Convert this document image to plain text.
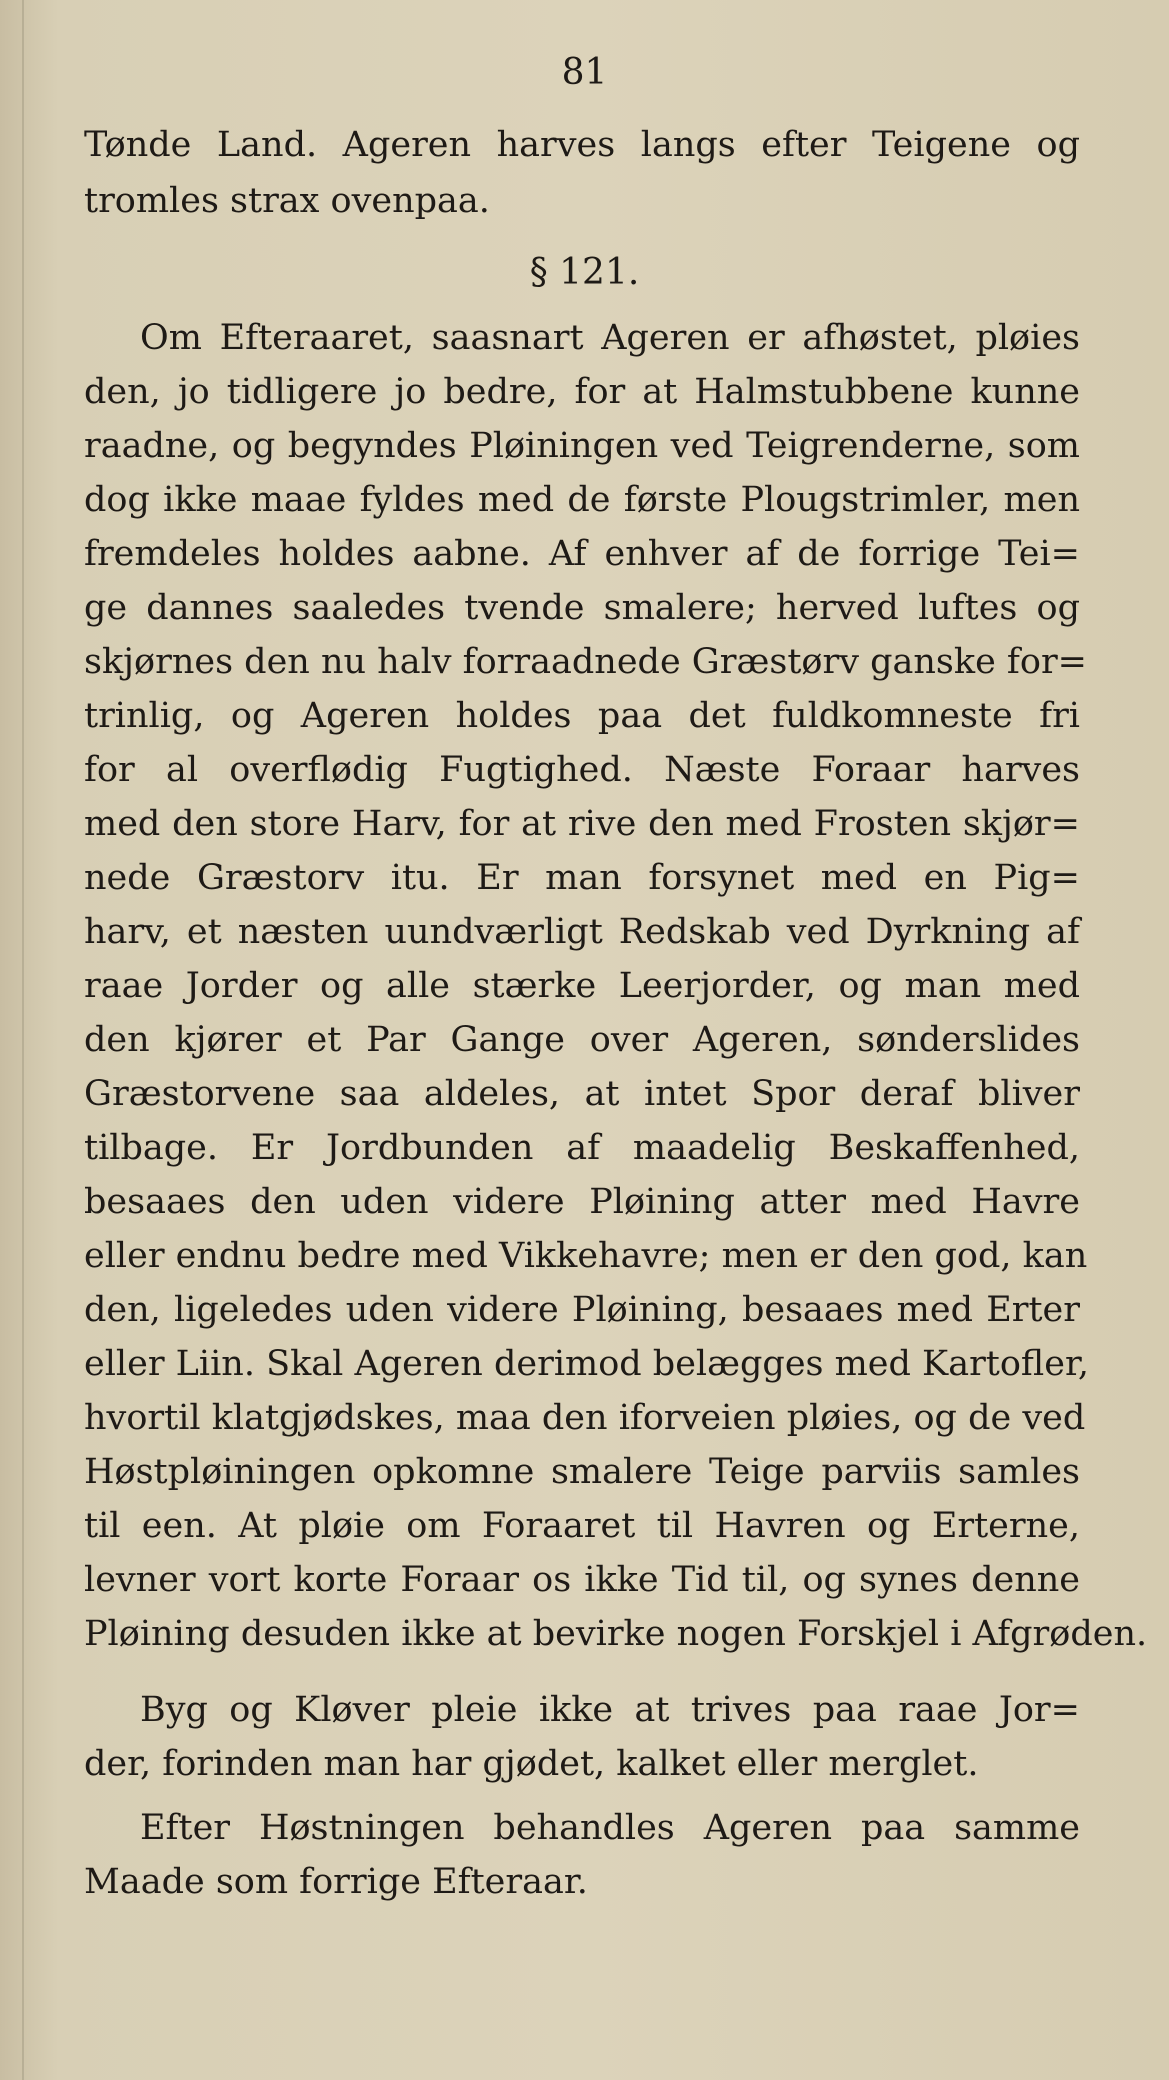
81
Tønde Land. Ageren harves langs efter Teigene og
tromles strax ovenpaa.
§ 121.
Om Efteraaret, saasnart Ageren er afhøstet, pløies
den, jo tidligere jo bedre, for at Halmstubbene kunne
raadne, og begyndes Pløiningen ved Teigrenderne, som
dog ikke maae fyldes med de første Plougstrimler, men
fremdeles holdes aabne. Af enhver af de forrige Tei=
ge dannes saaledes tvende smalere; herved luftes og
skjørnes den nu halv forraadnede Græstørv ganske for=
trinlig, og Ageren holdes paa det fuldkomneste fri
for al overflødig Fugtighed. Næste Foraar harves
med den store Harv, for at rive den med Frosten skjør=
nede Græstorv itu. Er man forsynet med en Pig=
harv, et næsten uundværligt Redskab ved Dyrkning af
raae Jorder og alle stærke Leerjorder, og man med
den kjører et Par Gange over Ageren, sønderslides
Græstorvene saa aldeles, at intet Spor deraf bliver
tilbage. Er Jordbunden af maadelig Beskaffenhed,
besaaes den uden videre Pløining atter med Havre
eller endnu bedre med Vikkehavre; men er den god, kan
den, ligeledes uden videre Pløining, besaaes med Erter
eller Liin. Skal Ageren derimod belægges med Kartofler,
hvortil klatgjødskes, maa den iforveien pløies, og de ved
Høstpløiningen opkomne smalere Teige parviis samles
til een. At pløie om Foraaret til Havren og Erterne,
levner vort korte Foraar os ikke Tid til, og synes denne
Pløining desuden ikke at bevirke nogen Forskjel i Afgrøden.
Byg og Kløver pleie ikke at trives paa raae Jor=
der, forinden man har gjødet, kalket eller merglet.
Efter Høstningen behandles Ageren paa samme
Maade som forrige Efteraar.
